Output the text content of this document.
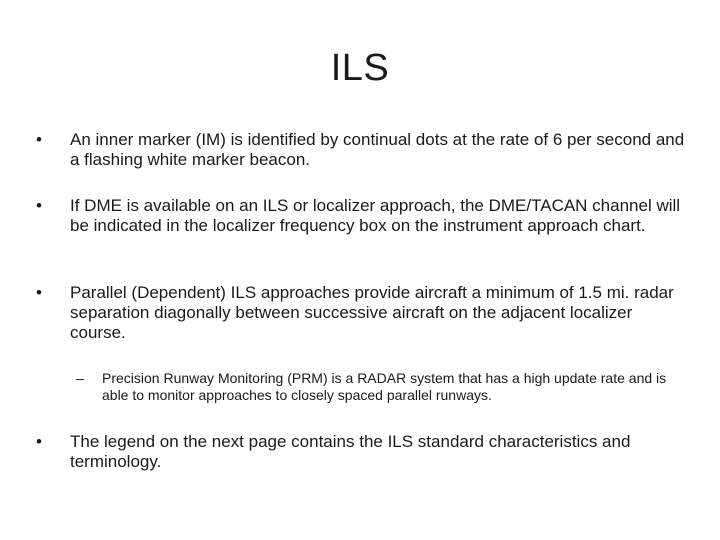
ILS
•	An inner marker (IM) is identified by continual dots at the rate of 6 per second and a flashing white marker beacon.
•	If DME is available on an ILS or localizer approach, the DME/TACAN channel will be indicated in the localizer frequency box on the instrument approach chart.
•	Parallel (Dependent) ILS approaches provide aircraft a minimum of 1.5 mi. radar separation diagonally between successive aircraft on the adjacent localizer course.
–	Precision Runway Monitoring (PRM) is a RADAR system that has a high update rate and is able to monitor approaches to closely spaced parallel runways.
•	The legend on the next page contains the ILS standard characteristics and terminology.
